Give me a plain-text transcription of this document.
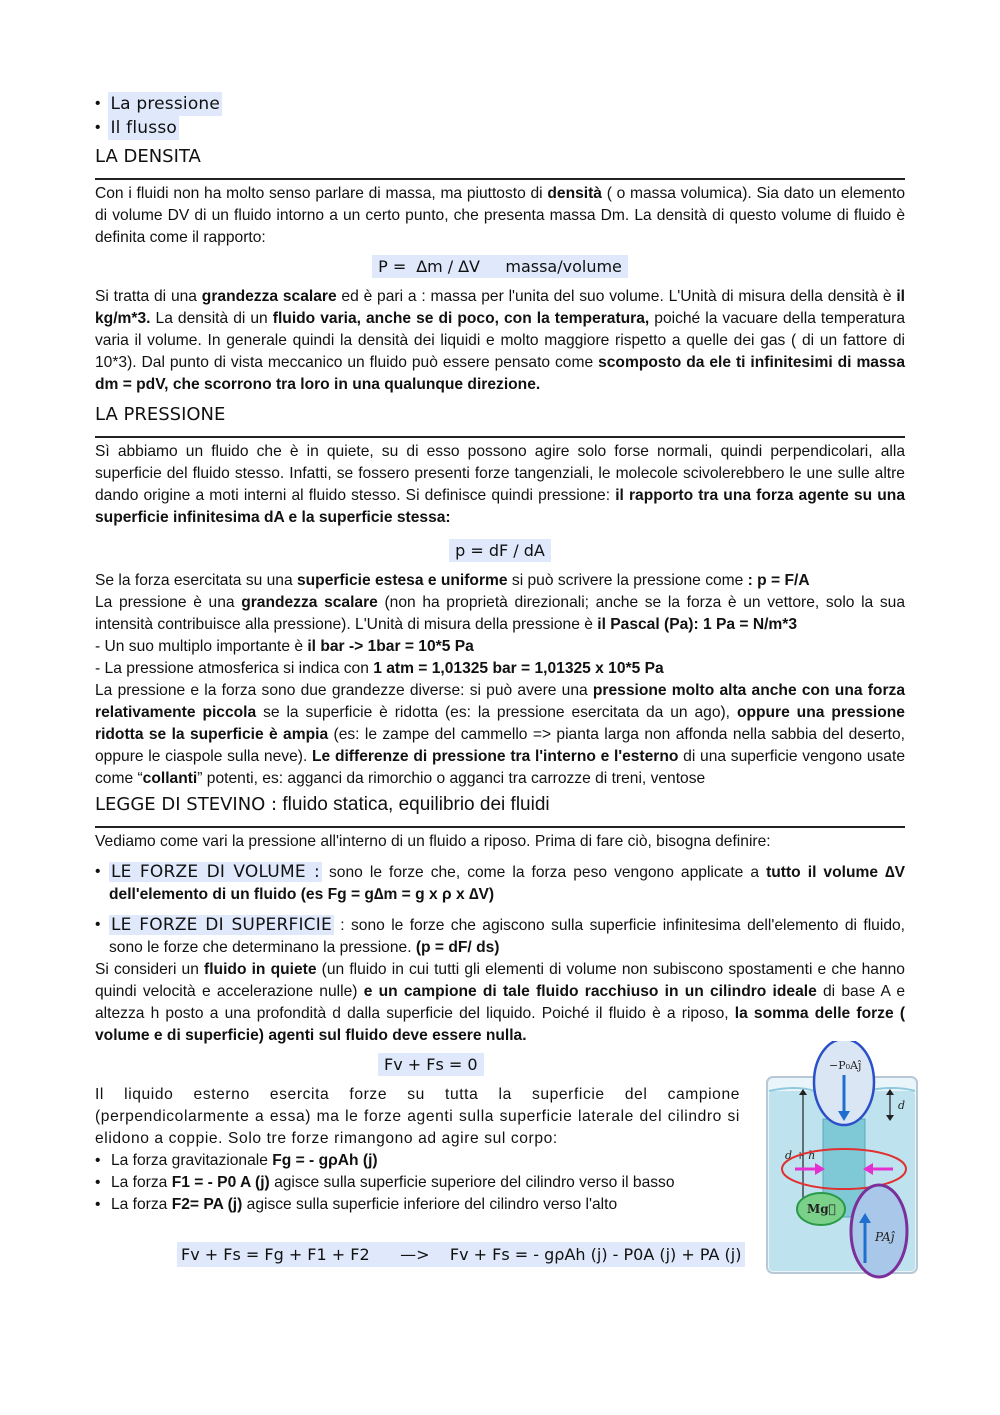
• La pressione
• Il flusso
LA DENSITA
Con i fluidi non ha molto senso parlare di massa, ma piuttosto di densità ( o massa volumica). Sia dato un elemento di volume DV di un fluido intorno a un certo punto, che presenta massa Dm. La densità di questo volume di fluido è definita come il rapporto:
P =  ∆m / ∆V     massa/volume
Si tratta di una grandezza scalare ed è pari a : massa per l'unita del suo volume. L'Unità di misura della densità è il kg/m*3. La densità di un fluido varia, anche se di poco, con la temperatura, poiché la vacuare della temperatura varia il volume. In generale quindi la densità dei liquidi e molto maggiore rispetto a quelle dei gas ( di un fattore di 10*3). Dal punto di vista meccanico un fluido può essere pensato come scomposto da ele ti infinitesimi di massa dm = pdV, che scorrono tra loro in una qualunque direzione.
LA PRESSIONE
Sì abbiamo un fluido che è in quiete, su di esso possono agire solo forse normali, quindi perpendicolari, alla superficie del fluido stesso. Infatti, se fossero presenti forze tangenziali, le molecole scivolerebbero le une sulle altre dando origine a moti interni al fluido stesso. Si definisce quindi pressione: il rapporto tra una forza agente su una superficie infinitesima dA e la superficie stessa:
p = dF / dA
Se la forza esercitata su una superficie estesa e uniforme si può scrivere la pressione come : p = F/A
La pressione è una grandezza scalare (non ha proprietà direzionali; anche se la forza è un vettore, solo la sua intensità contribuisce alla pressione). L'Unità di misura della pressione è il Pascal (Pa): 1 Pa = N/m*3
- Un suo multiplo importante è il bar -> 1bar = 10*5 Pa
- La pressione atmosferica si indica con 1 atm = 1,01325 bar = 1,01325 x 10*5 Pa
La pressione e la forza sono due grandezze diverse: si può avere una pressione molto alta anche con una forza relativamente piccola se la superficie è ridotta (es: la pressione esercitata da un ago), oppure una pressione ridotta se la superficie è ampia (es: le zampe del cammello => pianta larga non affonda nella sabbia del deserto, oppure le ciaspole sulla neve). Le differenze di pressione tra l'interno e l'esterno di una superficie vengono usate come “collanti” potenti, es: agganci da rimorchio o agganci tra carrozze di treni, ventose
LEGGE DI STEVINO : fluido statica, equilibrio dei fluidi
Vediamo come vari la pressione all'interno di un fluido a riposo. Prima di fare ciò, bisogna definire:
• LE FORZE DI VOLUME : sono le forze che, come la forza peso vengono applicate a tutto il volume ∆V dell'elemento di un fluido (es Fg = g∆m = g x ρ x ∆V)
• LE FORZE DI SUPERFICIE : sono le forze che agiscono sulla superficie infinitesima dell'elemento di fluido, sono le forze che determinano la pressione. (p = dF/ ds)
Si consideri un fluido in quiete (un fluido in cui tutti gli elementi di volume non subiscono spostamenti e che hanno quindi velocità e accelerazione nulle) e un campione di tale fluido racchiuso in un cilindro ideale di base A e altezza h posto a una profondità d dalla superficie del liquido. Poiché il fluido è a riposo, la somma delle forze ( volume e di superficie) agenti sul fluido deve essere nulla.
Fv + Fs = 0
Il liquido esterno esercita forze su tutta la superficie del campione (perpendicolarmente a essa) ma le forze agenti sulla superficie laterale del cilindro si elidono a coppie. Solo tre forze rimangono ad agire sul corpo:
• La forza gravitazionale Fg = - gρAh (j)
• La forza F1 = - P0 A (j) agisce sulla superficie superiore del cilindro verso il basso
• La forza F2= PA (j) agisce sulla superficie inferiore del cilindro verso l'alto
Fv + Fs = Fg + F1 + F2      —>    Fv + Fs = - gρAh (j) - P0A (j) + PA (j)
−P₀Aĵ
d
d + h
Mg⃗
PAĵ
